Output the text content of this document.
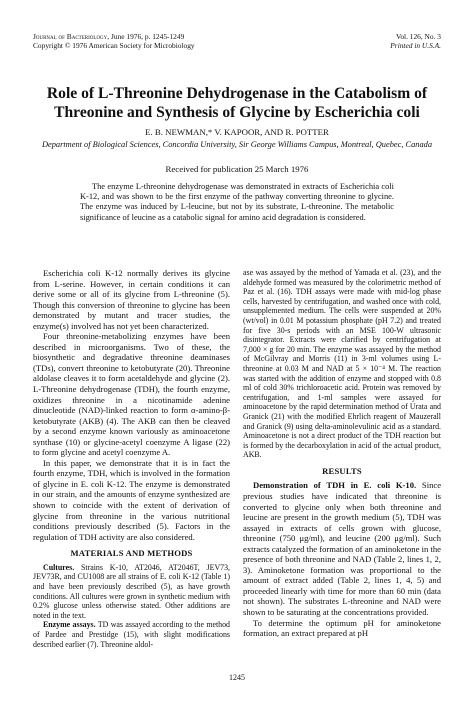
Journal of Bacteriology, June 1976, p. 1245-1249
Copyright © 1976 American Society for Microbiology
Vol. 126, No. 3
Printed in U.S.A.
Role of L-Threonine Dehydrogenase in the Catabolism of Threonine and Synthesis of Glycine by Escherichia coli
E. B. NEWMAN,* V. KAPOOR, AND R. POTTER
Department of Biological Sciences, Concordia University, Sir George Williams Campus, Montreal, Quebec, Canada
Received for publication 25 March 1976

The enzyme L-threonine dehydrogenase was demonstrated in extracts of Escherichia coli K-12, and was shown to be the first enzyme of the pathway converting threonine to glycine. The enzyme was induced by L-leucine, but not by its substrate, L-threonine. The metabolic significance of leucine as a catabolic signal for amino acid degradation is considered.

Escherichia coli K-12 normally derives its glycine from L-serine. However, in certain conditions it can derive some or all of its glycine from L-threonine (5). Though this conversion of threonine to glycine has been demonstrated by mutant and tracer studies, the enzyme(s) involved has not yet been characterized.

Four threonine-metabolizing enzymes have been described in microorganisms. Two of these, the biosynthetic and degradative threonine deaminases (TDs), convert threonine to ketobutyrate (20). Threonine aldolase cleaves it to form acetaldehyde and glycine (2). L-Threonine dehydrogenase (TDH), the fourth enzyme, oxidizes threonine in a nicotinamide adenine dinucleotide (NAD)-linked reaction to form α-amino-β-ketobutyrate (AKB) (4). The AKB can then be cleaved by a second enzyme known variously as aminoacetone synthase (10) or glycine-acetyl coenzyme A ligase (22) to form glycine and acetyl coenzyme A.

In this paper, we demonstrate that it is in fact the fourth enzyme, TDH, which is involved in the formation of glycine in E. coli K-12. The enzyme is demonstrated in our strain, and the amounts of enzyme synthesized are shown to coincide with the extent of derivation of glycine from threonine in the various nutritional conditions previously described (5). Factors in the regulation of TDH activity are also considered.

MATERIALS AND METHODS

Cultures. Strains K-10, AT2046, AT2046T, JEV73, JEV73R, and CU1008 are all strains of E. coli K-12 (Table 1) and have been previously described (5), as have growth conditions. All cultures were grown in synthetic medium with 0.2% glucose unless otherwise stated. Other additions are noted in the text.

Enzyme assays. TD was assayed according to the method of Pardee and Prestidge (15), with slight modifications described earlier (7). Threonine aldol-

ase was assayed by the method of Yamada et al. (23), and the aldehyde formed was measured by the colorimetric method of Paz et al. (16). TDH assays were made with mid-log phase cells, harvested by centrifugation, and washed once with cold, unsupplemented medium. The cells were suspended at 20% (wt/vol) in 0.01 M potassium phosphate (pH 7.2) and treated for five 30-s periods with an MSE 100-W ultrasonic disintegrator. Extracts were clarified by centrifugation at 7,000 × g for 20 min. The enzyme was assayed by the method of McGilvray and Morris (11) in 3-ml volumes using L-threonine at 0.03 M and NAD at 5 × 10⁻⁴ M. The reaction was started with the addition of enzyme and stopped with 0.8 ml of cold 30% trichloroacetic acid. Protein was removed by centrifugation, and 1-ml samples were assayed for aminoacetone by the rapid determination method of Urata and Granick (21) with the modified Ehrlich reagent of Mauzerall and Granick (9) using delta-aminolevulinic acid as a standard. Aminoacetone is not a direct product of the TDH reaction but is formed by the decarboxylation in acid of the actual product, AKB.

RESULTS

Demonstration of TDH in E. coli K-10. Since previous studies have indicated that threonine is converted to glycine only when both threonine and leucine are present in the growth medium (5), TDH was assayed in extracts of cells grown with glucose, threonine (750 μg/ml), and leucine (200 μg/ml). Such extracts catalyzed the formation of an aminoketone in the presence of both threonine and NAD (Table 2, lines 1, 2, 3). Aminoketone formation was proportional to the amount of extract added (Table 2, lines 1, 4, 5) and proceeded linearly with time for more than 60 min (data not shown). The substrates L-threonine and NAD were shown to be saturating at the concentrations provided.

To determine the optimum pH for aminoketone formation, an extract prepared at pH

1245
